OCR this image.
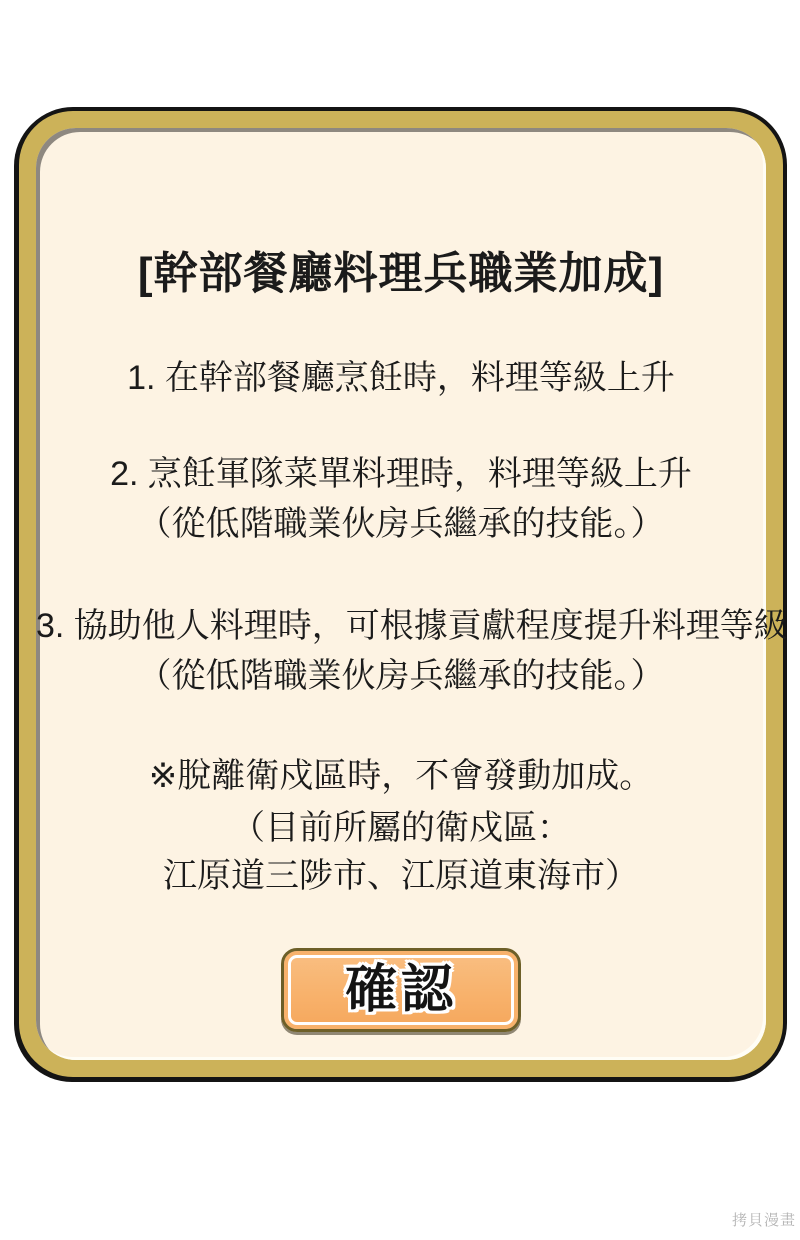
[幹部餐廳料理兵職業加成]
1. 在幹部餐廳烹飪時，料理等級上升
2. 烹飪軍隊菜單料理時，料理等級上升
（從低階職業伙房兵繼承的技能。）
3. 協助他人料理時，可根據貢獻程度提升料理等級
（從低階職業伙房兵繼承的技能。）
※脫離衛戍區時，不會發動加成。
（目前所屬的衛戍區：
江原道三陟市、江原道東海市）
確認
拷貝漫畫
